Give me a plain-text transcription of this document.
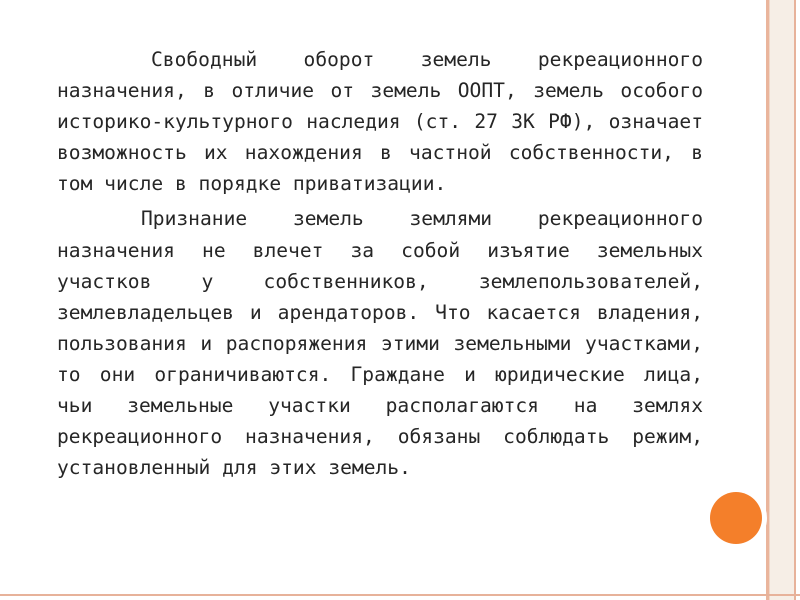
Свободный оборот земель рекреационного назначения, в отличие от земель ООПТ, земель особого историко-культурного наследия (ст. 27 ЗК РФ), означает возможность их нахождения в частной собственности, в том числе в порядке приватизации.

Признание земель землями рекреационного назначения не влечет за собой изъятие земельных участков у собственников, землепользователей, землевладельцев и арендаторов. Что касается владения, пользования и распоряжения этими земельными участками, то они ограничиваются. Граждане и юридические лица, чьи земельные участки располагаются на землях рекреационного назначения, обязаны соблюдать режим, установленный для этих земель.
